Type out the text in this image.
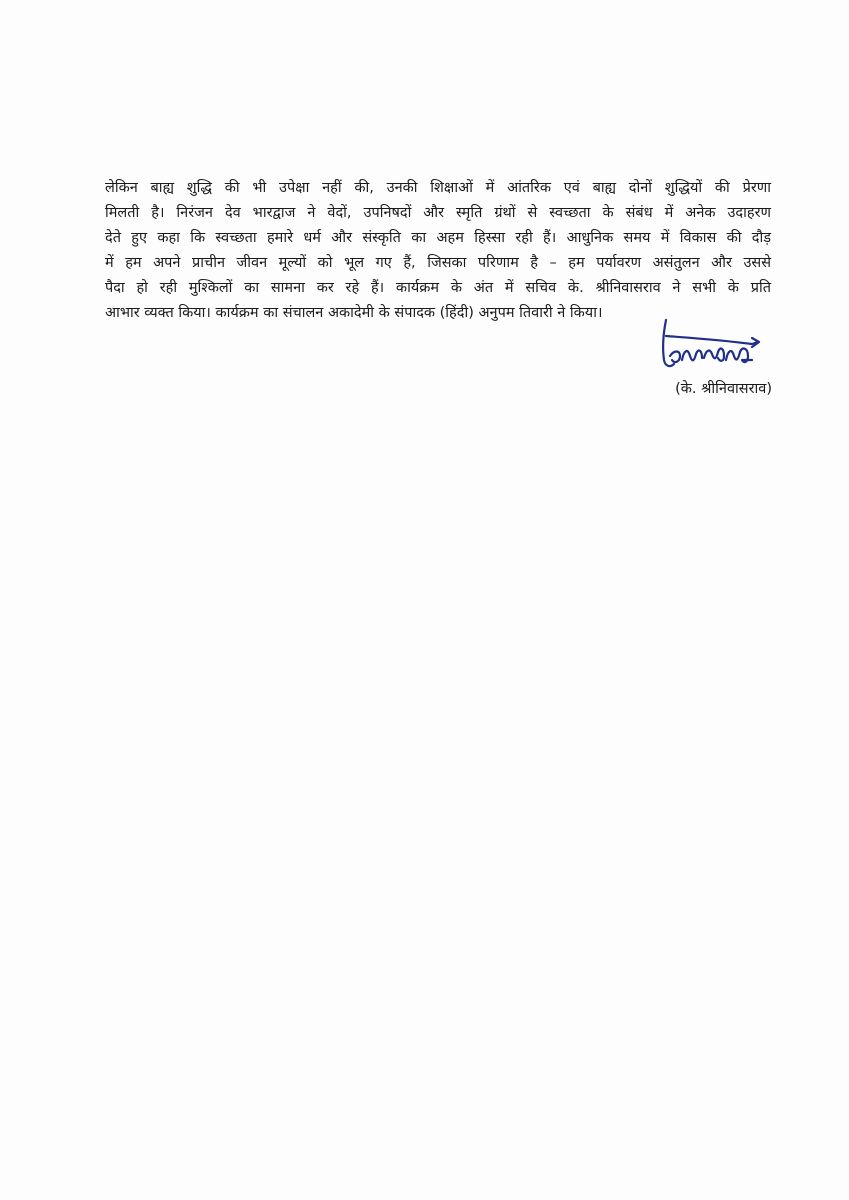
लेकिन बाह्य शुद्धि की भी उपेक्षा नहीं की, उनकी शिक्षाओं में आंतरिक एवं बाह्य दोनों शुद्धियों की प्रेरणा
मिलती है। निरंजन देव भारद्वाज ने वेदों, उपनिषदों और स्मृति ग्रंथों से स्वच्छता के संबंध में अनेक उदाहरण
देते हुए कहा कि स्वच्छता हमारे धर्म और संस्कृति का अहम हिस्सा रही हैं। आधुनिक समय में विकास की दौड़
में हम अपने प्राचीन जीवन मूल्यों को भूल गए हैं, जिसका परिणाम है – हम पर्यावरण असंतुलन और उससे
पैदा हो रही मुश्किलों का सामना कर रहे हैं। कार्यक्रम के अंत में सचिव के. श्रीनिवासराव ने सभी के प्रति
आभार व्यक्त किया। कार्यक्रम का संचालन अकादेमी के संपादक (हिंदी) अनुपम तिवारी ने किया।
(के. श्रीनिवासराव)
